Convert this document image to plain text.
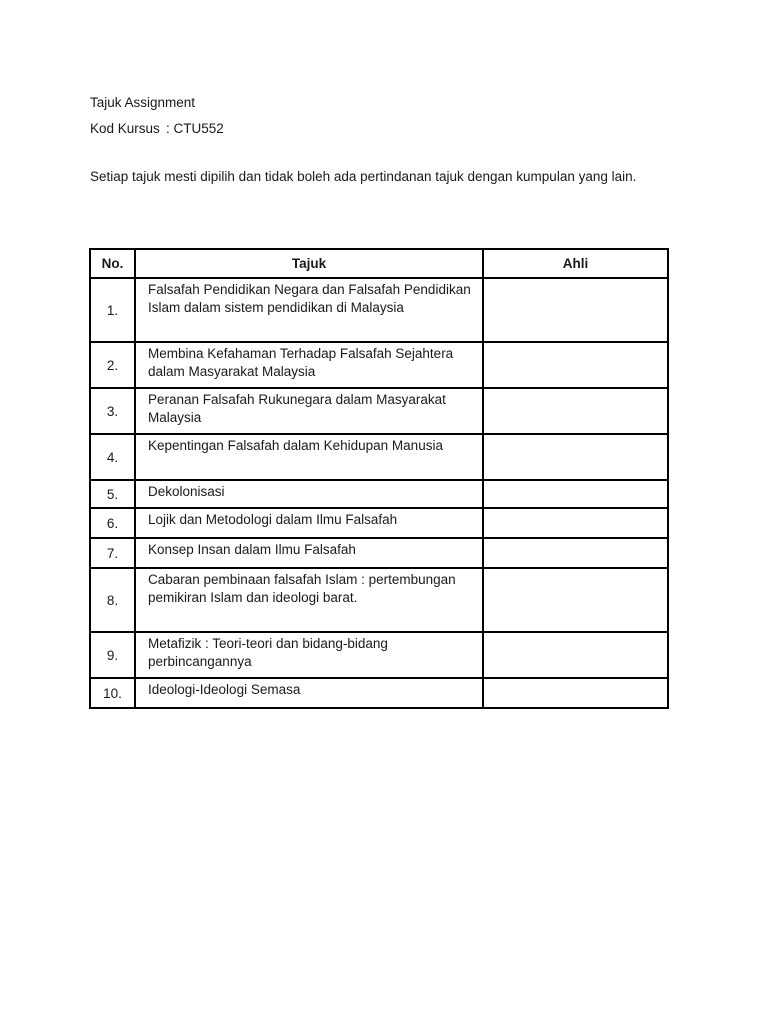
Tajuk Assignment

Kod Kursus : CTU552

Setiap tajuk mesti dipilih dan tidak boleh ada pertindanan tajuk dengan kumpulan yang lain.

No.	Tajuk	Ahli
1.	Falsafah Pendidikan Negara dan Falsafah Pendidikan Islam dalam sistem pendidikan di Malaysia	
2.	Membina Kefahaman Terhadap Falsafah Sejahtera dalam Masyarakat Malaysia	
3.	Peranan Falsafah Rukunegara dalam Masyarakat Malaysia	
4.	Kepentingan Falsafah dalam Kehidupan Manusia	
5.	Dekolonisasi	
6.	Lojik dan Metodologi dalam Ilmu Falsafah	
7.	Konsep Insan dalam Ilmu Falsafah	
8.	Cabaran pembinaan falsafah Islam : pertembungan pemikiran Islam dan ideologi barat.	
9.	Metafizik : Teori-teori dan bidang-bidang perbincangannya	
10.	Ideologi-Ideologi Semasa	
